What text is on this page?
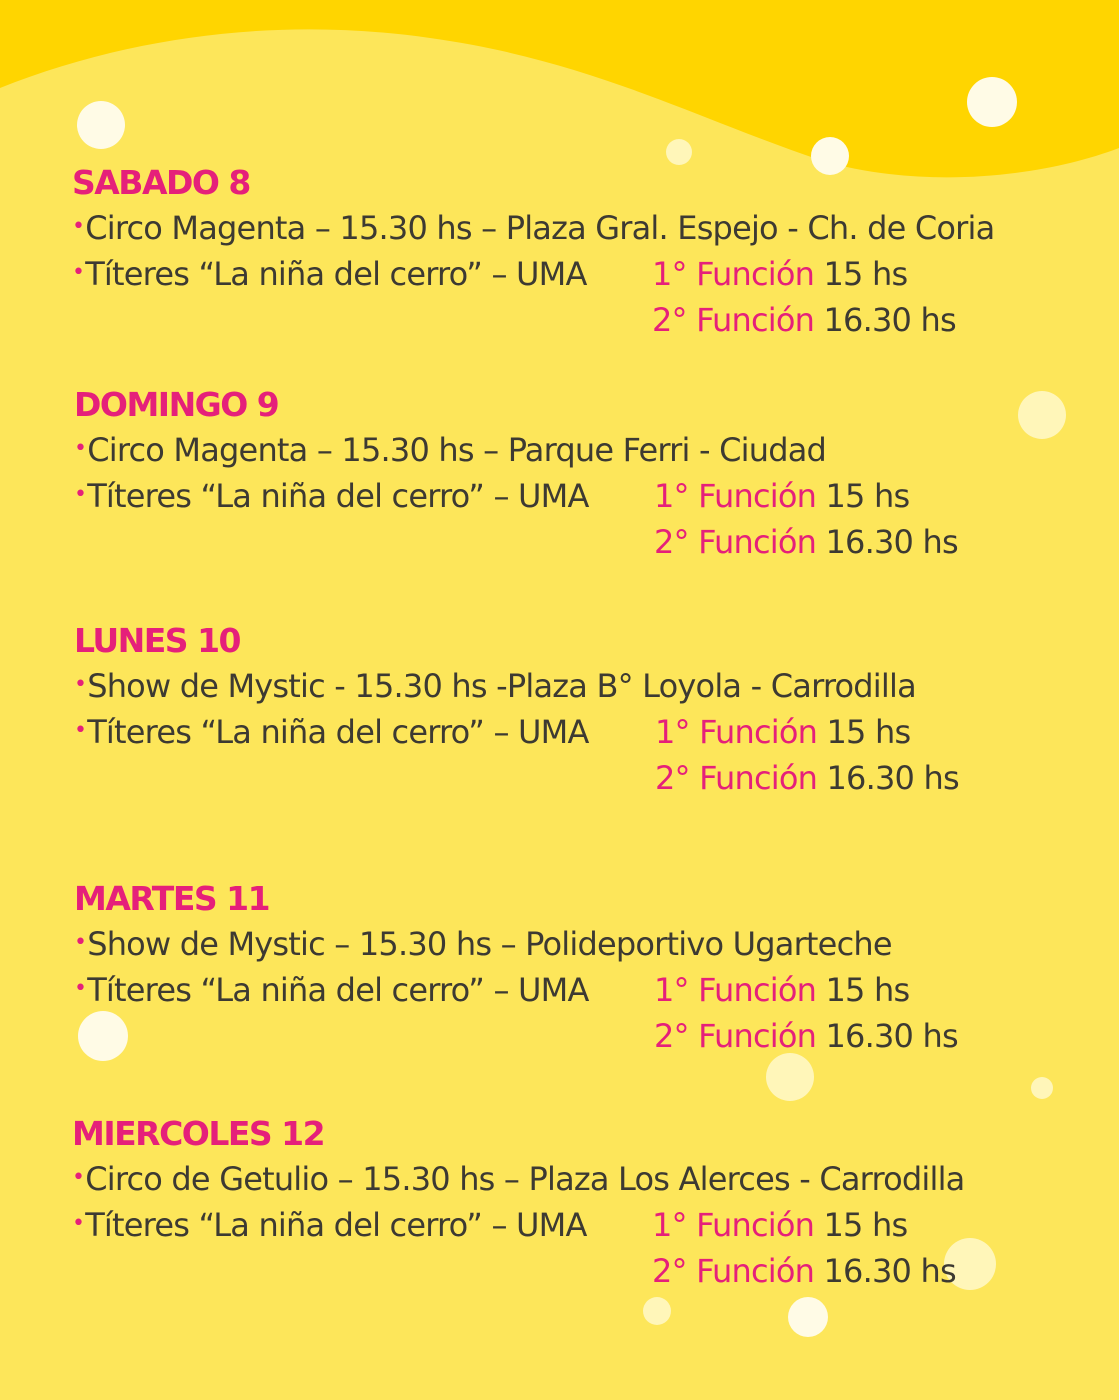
SABADO 8
•Circo Magenta – 15.30 hs – Plaza Gral. Espejo - Ch. de Coria
•Títeres “La niña del cerro” – UMA 1° Función 15 hs
2° Función 16.30 hs
DOMINGO 9
•Circo Magenta – 15.30 hs – Parque Ferri - Ciudad
•Títeres “La niña del cerro” – UMA 1° Función 15 hs
2° Función 16.30 hs
LUNES 10
•Show de Mystic - 15.30 hs -Plaza B° Loyola - Carrodilla
•Títeres “La niña del cerro” – UMA 1° Función 15 hs
2° Función 16.30 hs
MARTES 11
•Show de Mystic – 15.30 hs – Polideportivo Ugarteche
•Títeres “La niña del cerro” – UMA 1° Función 15 hs
2° Función 16.30 hs
MIERCOLES 12
•Circo de Getulio – 15.30 hs – Plaza Los Alerces - Carrodilla
•Títeres “La niña del cerro” – UMA 1° Función 15 hs
2° Función 16.30 hs
